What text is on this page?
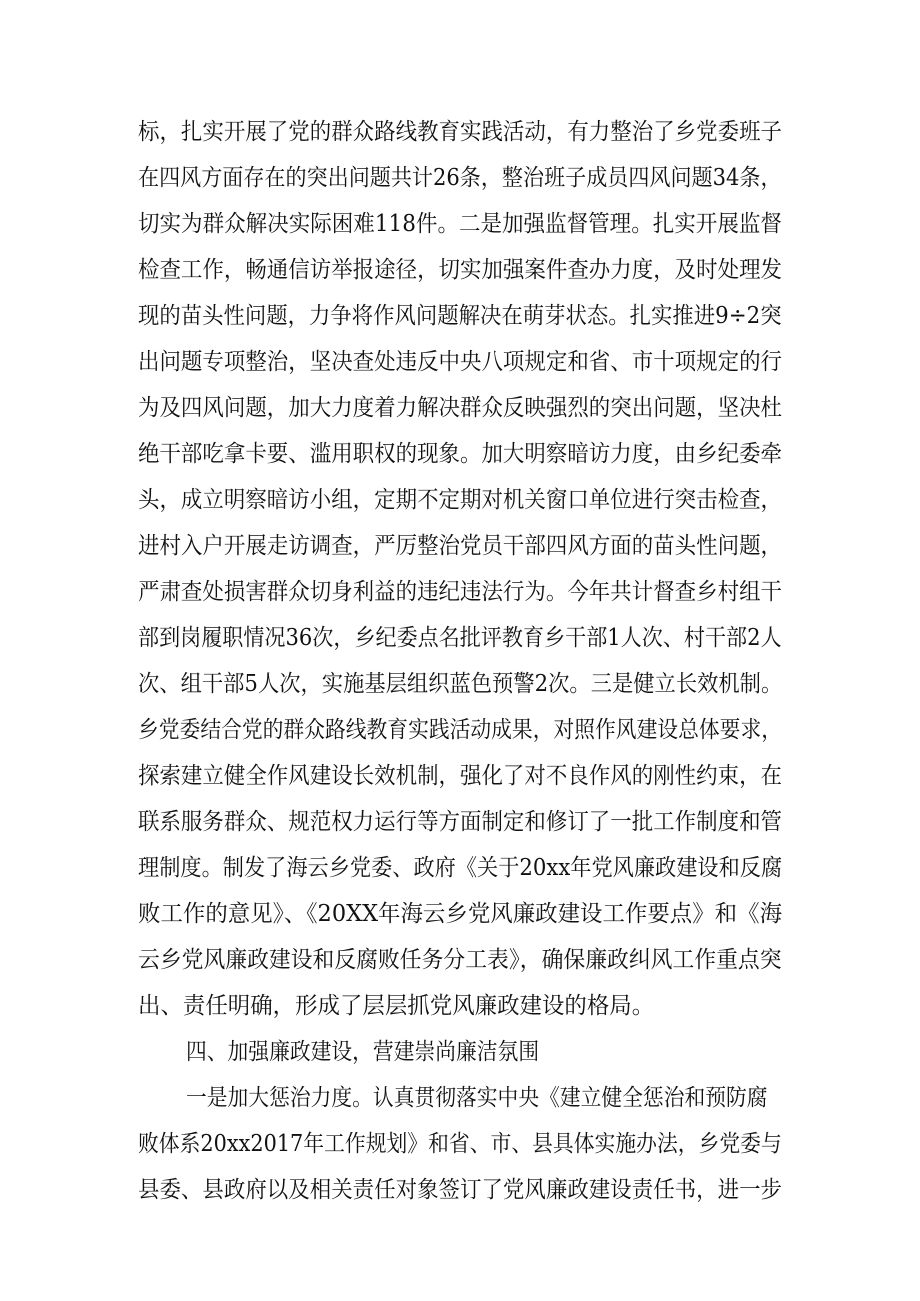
标，扎实开展了党的群众路线教育实践活动，有力整治了乡党委班子
在四风方面存在的突出问题共计26条，整治班子成员四风问题34条，
切实为群众解决实际困难118件。二是加强监督管理。扎实开展监督
检查工作，畅通信访举报途径，切实加强案件查办力度，及时处理发
现的苗头性问题，力争将作风问题解决在萌芽状态。扎实推进9÷2突
出问题专项整治，坚决查处违反中央八项规定和省、市十项规定的行
为及四风问题，加大力度着力解决群众反映强烈的突出问题，坚决杜
绝干部吃拿卡要、滥用职权的现象。加大明察暗访力度，由乡纪委牵
头，成立明察暗访小组，定期不定期对机关窗口单位进行突击检查，
进村入户开展走访调查，严厉整治党员干部四风方面的苗头性问题，
严肃查处损害群众切身利益的违纪违法行为。今年共计督查乡村组干
部到岗履职情况36次，乡纪委点名批评教育乡干部1人次、村干部2人
次、组干部5人次，实施基层组织蓝色预警2次。三是健立长效机制。
乡党委结合党的群众路线教育实践活动成果，对照作风建设总体要求，
探索建立健全作风建设长效机制，强化了对不良作风的刚性约束，在
联系服务群众、规范权力运行等方面制定和修订了一批工作制度和管
理制度。制发了海云乡党委、政府《关于20xx年党风廉政建设和反腐
败工作的意见》、《20XX年海云乡党风廉政建设工作要点》和《海
云乡党风廉政建设和反腐败任务分工表》，确保廉政纠风工作重点突
出、责任明确，形成了层层抓党风廉政建设的格局。
四、加强廉政建设，营建崇尚廉洁氛围
一是加大惩治力度。认真贯彻落实中央《建立健全惩治和预防腐
败体系20xx2017年工作规划》和省、市、县具体实施办法，乡党委与
县委、县政府以及相关责任对象签订了党风廉政建设责任书，进一步
